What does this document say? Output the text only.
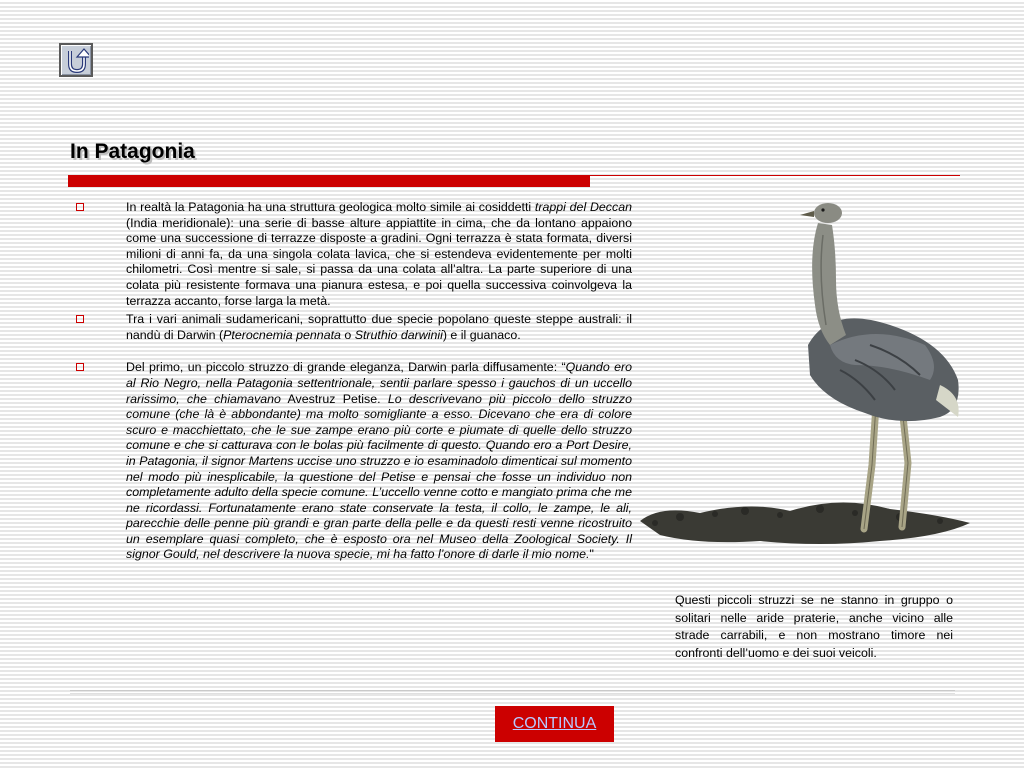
In Patagonia

In realtà la Patagonia ha una struttura geologica molto simile ai cosiddetti trappi del Deccan (India meridionale): una serie di basse alture appiattite in cima, che da lontano appaiono come una successione di terrazze disposte a gradini. Ogni terrazza è stata formata, diversi milioni di anni fa, da una singola colata lavica, che si estendeva evidentemente per molti chilometri. Così mentre si sale, si passa da una colata all’altra. La parte superiore di una colata più resistente formava una pianura estesa, e poi quella successiva coinvolgeva la terrazza accanto, forse larga la metà.

Tra i vari animali sudamericani, soprattutto due specie popolano queste steppe australi: il nandù di Darwin (Pterocnemia pennata o Struthio darwinii) e il guanaco.

Del primo, un piccolo struzzo di grande eleganza, Darwin parla diffusamente: “Quando ero al Rio Negro, nella Patagonia settentrionale, sentii parlare spesso i gauchos di un uccello rarissimo, che chiamavano Avestruz Petise. Lo descrivevano più piccolo dello struzzo comune (che là è abbondante) ma molto somigliante a esso. Dicevano che era di colore scuro e macchiettato, che le sue zampe erano più corte e piumate di quelle dello struzzo comune e che si catturava con le bolas più facilmente di questo. Quando ero a Port Desire, in Patagonia, il signor Martens uccise uno struzzo e io esaminadolo dimenticai sul momento nel modo più inesplicabile, la questione del Petise e pensai che fosse un individuo non completamente adulto della specie comune. L’uccello venne cotto e mangiato prima che me ne ricordassi. Fortunatamente erano state conservate la testa, il collo, le zampe, le ali, parecchie delle penne più grandi e gran parte della pelle e da questi resti venne ricostruito un esemplare quasi completo, che è esposto ora nel Museo della Zoological Society. Il signor Gould, nel descrivere la nuova specie, mi ha fatto l’onore di darle il mio nome."

Questi piccoli struzzi se ne stanno in gruppo o solitari nelle aride praterie, anche vicino alle strade carrabili, e non mostrano timore nei confronti dell’uomo e dei suoi veicoli.

CONTINUA
